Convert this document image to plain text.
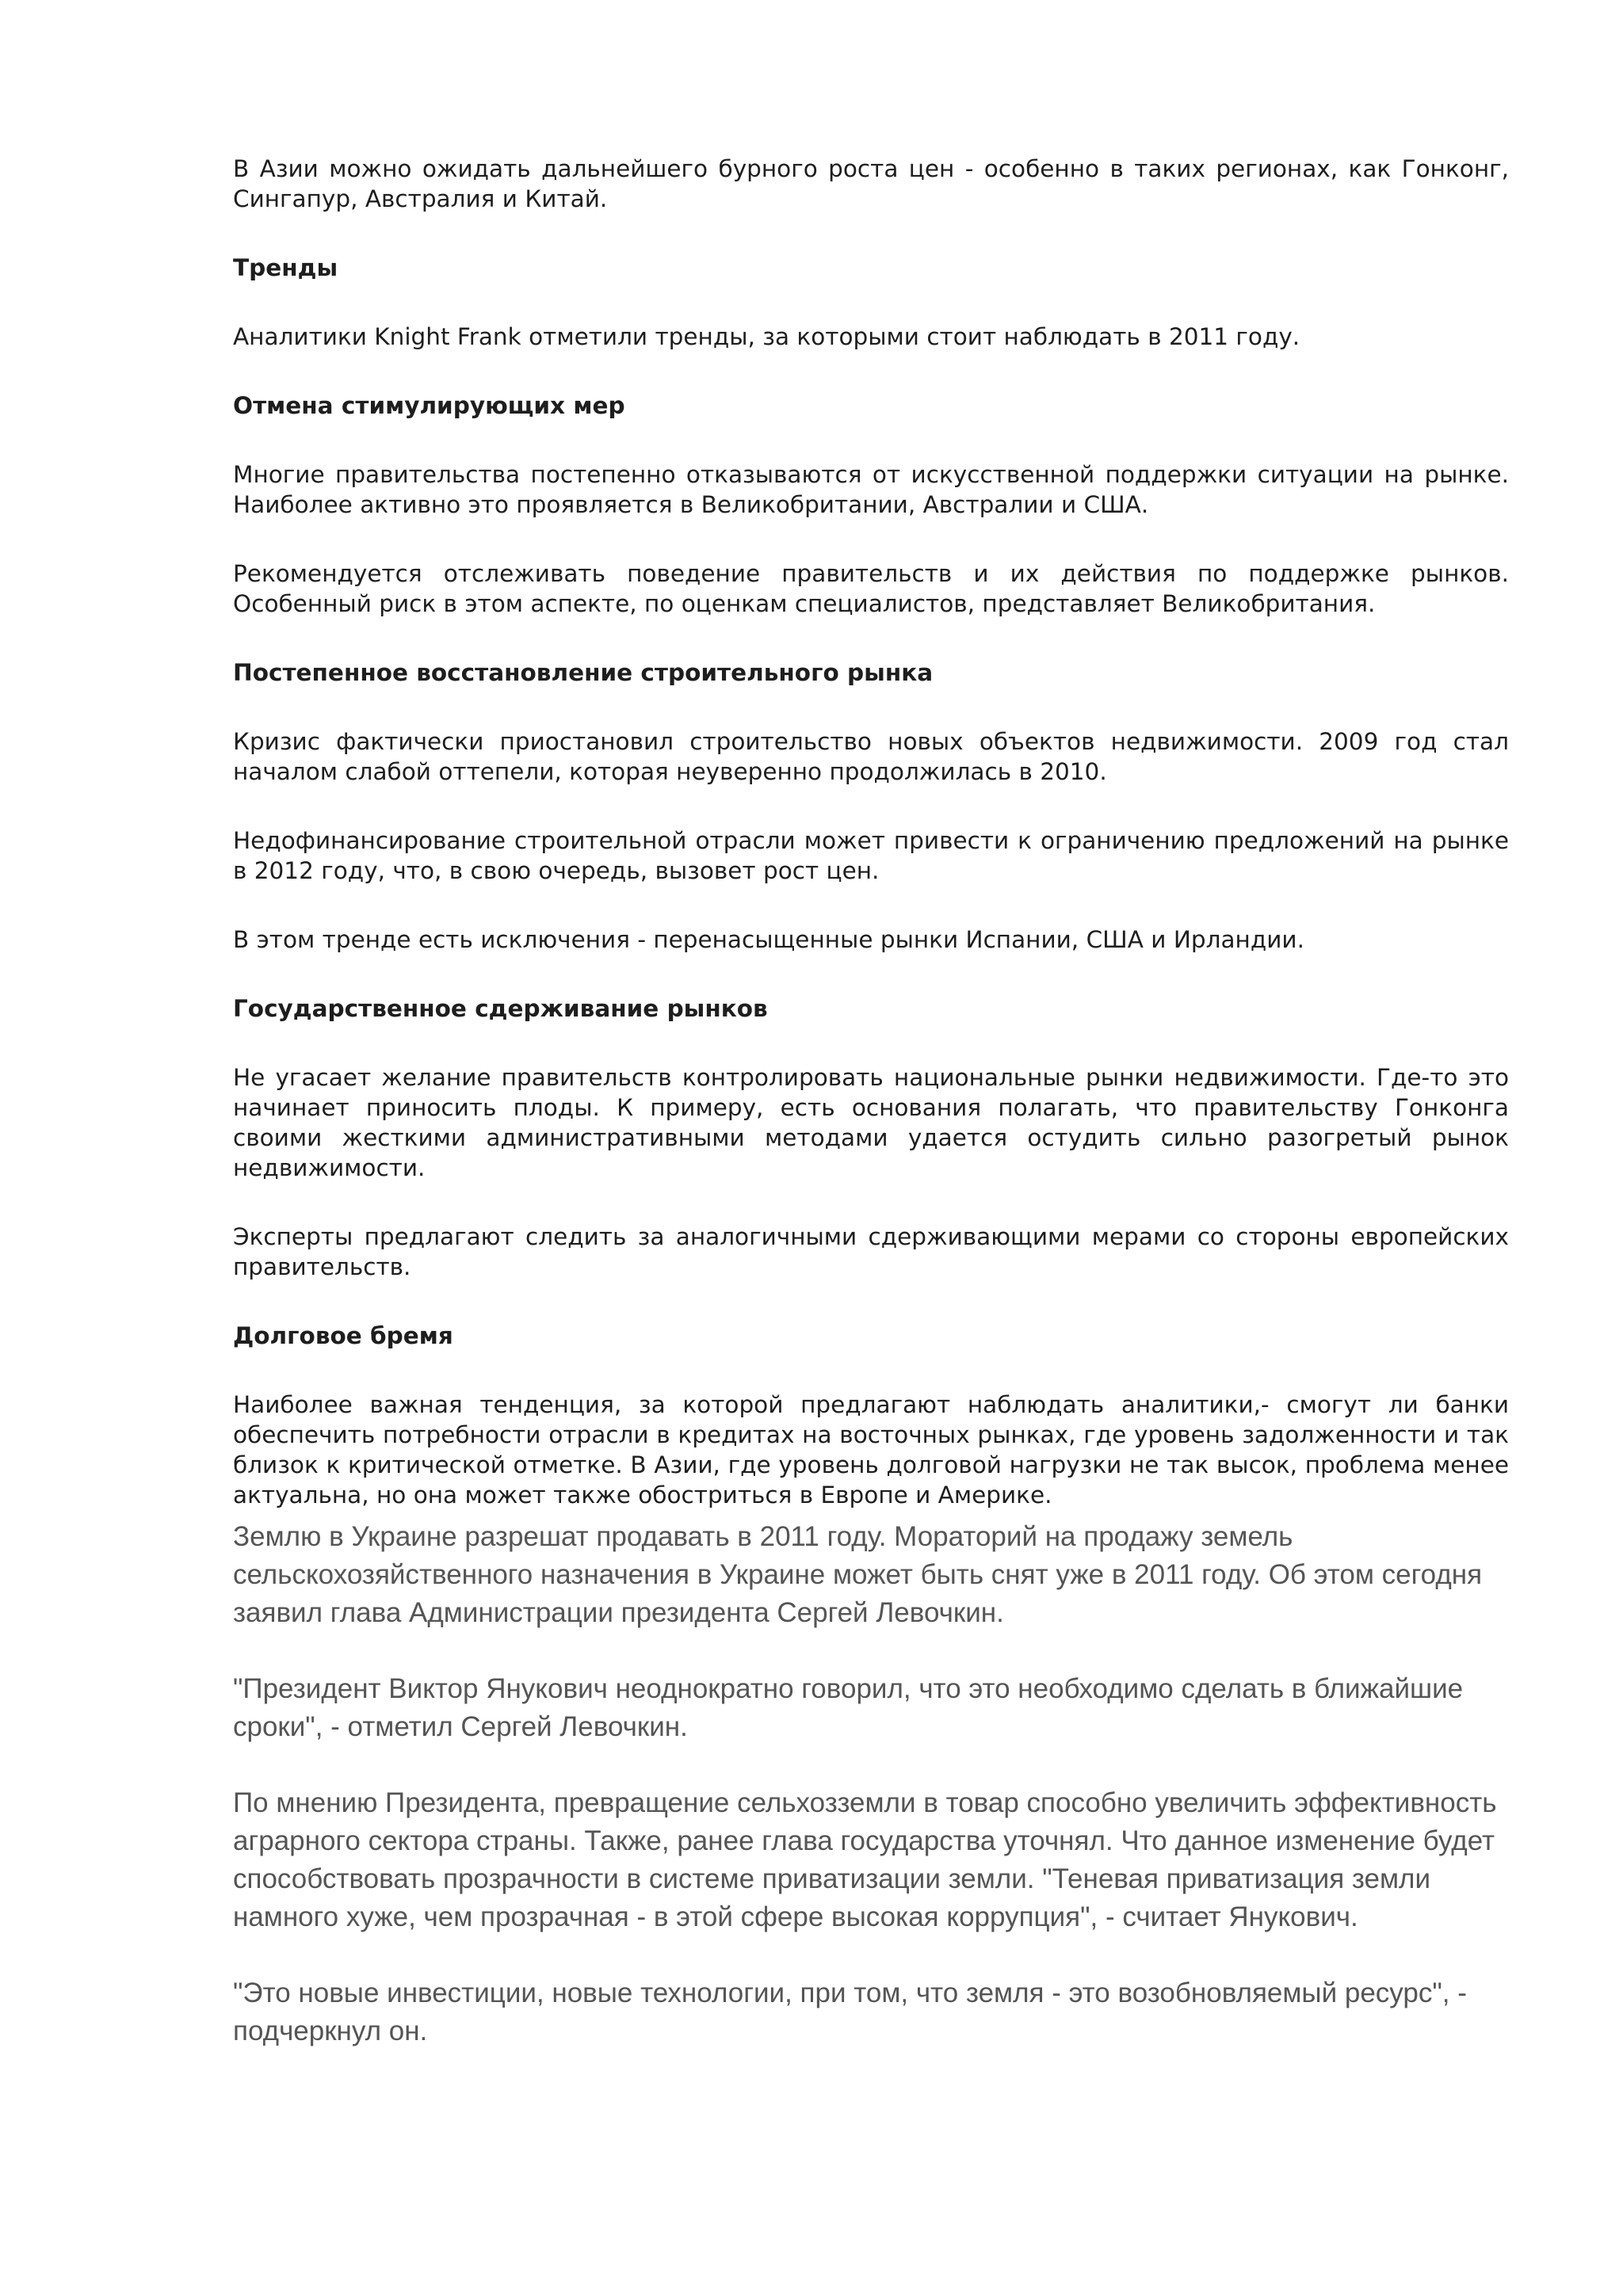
В Азии можно ожидать дальнейшего бурного роста цен - особенно в таких регионах, как Гонконг, Сингапур, Австралия и Китай.

Тренды

Аналитики Knight Frank отметили тренды, за которыми стоит наблюдать в 2011 году.

Отмена стимулирующих мер

Многие правительства постепенно отказываются от искусственной поддержки ситуации на рынке. Наиболее активно это проявляется в Великобритании, Австралии и США.

Рекомендуется отслеживать поведение правительств и их действия по поддержке рынков. Особенный риск в этом аспекте, по оценкам специалистов, представляет Великобритания.

Постепенное восстановление строительного рынка

Кризис фактически приостановил строительство новых объектов недвижимости. 2009 год стал началом слабой оттепели, которая неуверенно продолжилась в 2010.

Недофинансирование строительной отрасли может привести к ограничению предложений на рынке в 2012 году, что, в свою очередь, вызовет рост цен.

В этом тренде есть исключения - перенасыщенные рынки Испании, США и Ирландии.

Государственное сдерживание рынков

Не угасает желание правительств контролировать национальные рынки недвижимости. Где-то это начинает приносить плоды. К примеру, есть основания полагать, что правительству Гонконга своими жесткими административными методами удается остудить сильно разогретый рынок недвижимости.

Эксперты предлагают следить за аналогичными сдерживающими мерами со стороны европейских правительств.

Долговое бремя

Наиболее важная тенденция, за которой предлагают наблюдать аналитики,- смогут ли банки обеспечить потребности отрасли в кредитах на восточных рынках, где уровень задолженности и так близок к критической отметке. В Азии, где уровень долговой нагрузки не так высок, проблема менее актуальна, но она может также обостриться в Европе и Америке.

Землю в Украине разрешат продавать в 2011 году. Мораторий на продажу земель сельскохозяйственного назначения в Украине может быть снят уже в 2011 году. Об этом сегодня заявил глава Администрации президента Сергей Левочкин.

"Президент Виктор Янукович неоднократно говорил, что это необходимо сделать в ближайшие сроки", - отметил Сергей Левочкин.

По мнению Президента, превращение сельхозземли в товар способно увеличить эффективность аграрного сектора страны. Также, ранее глава государства уточнял. Что данное изменение будет способствовать прозрачности в системе приватизации земли. "Теневая приватизация земли намного хуже, чем прозрачная - в этой сфере высокая коррупция", - считает Янукович.

"Это новые инвестиции, новые технологии, при том, что земля - это возобновляемый ресурс", - подчеркнул он.
